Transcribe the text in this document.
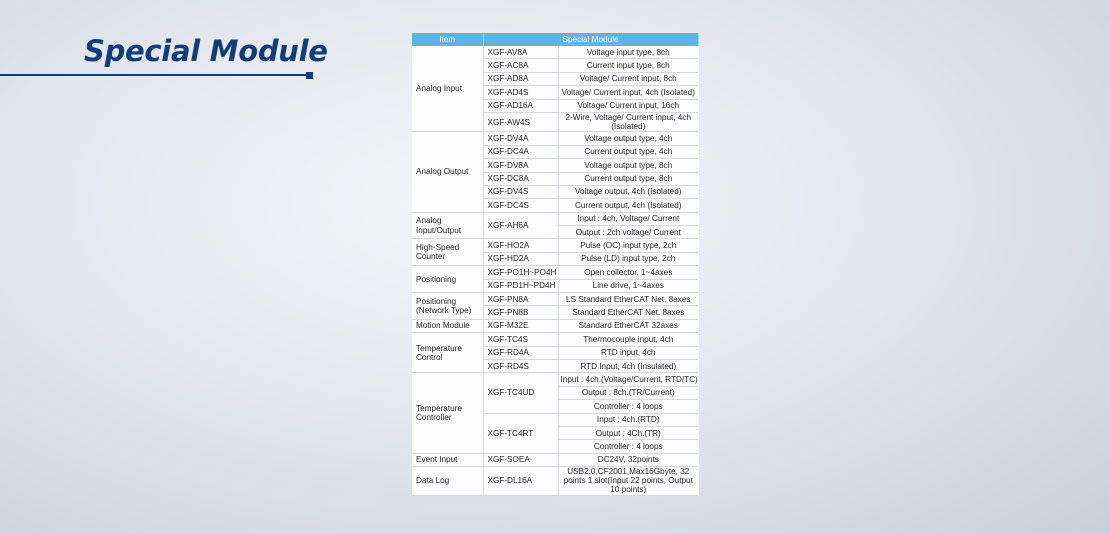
Special Module	Item	Special Module	
Analog Input	XGF-AV8A	Voltage input type, 8ch
	XGF-AC8A	Current input type, 8ch
	XGF-AD8A	Voltage/ Current input, 8ch
	XGF-AD4S	Voltage/ Current input, 4ch (Isolated)
	XGF-AD16A	Voltage/ Current input, 16ch
	XGF-AW4S	2-Wire, Voltage/ Current input, 4ch (Isolated)
Analog Output	XGF-DV4A	Voltage output type, 4ch
	XGF-DC4A	Current output type, 4ch
	XGF-DV8A	Voltage output type, 8ch
	XGF-DC8A	Current output type, 8ch
	XGF-DV4S	Voltage output, 4ch (Isolated)
	XGF-DC4S	Current output, 4ch (Isolated)
Analog Input/Output	XGF-AH6A	Input : 4ch, Voltage/ Current
		Output : 2ch voltage/ Current
High-Speed Counter	XGF-HO2A	Pulse (OC) input type, 2ch
	XGF-HD2A	Pulse (LD) input type, 2ch
Positioning	XGF-PO1H~PO4H	Open collector, 1~4axes
	XGF-PD1H~PD4H	Line drive, 1~4axes
Positioning (Network Type)	XGF-PN8A	LS Standard EtherCAT Net. 8axes
	XGF-PN8B	Standard EtherCAT Net. 8axes
Motion Module	XGF-M32E	Standard EtherCAT 32axes
Temperature Control	XGF-TC4S	Thermocouple input, 4ch
	XGF-RD4A	RTD input, 4ch
	XGF-RD4S	RTD Input, 4ch (Insulated)
Temperature Controller	XGF-TC4UD	Input : 4ch.(Voltage/Current, RTD/TC)
		Output : 8ch.(TR/Current)
		Controller : 4 loops
	XGF-TC4RT	Input : 4ch.(RTD)
		Output : 4Ch.(TR)
		Controller : 4 loops
Event Input	XGF-SOEA	DC24V, 32points
Data Log	XGF-DL16A	USB2.0,CF2001,Max16Gbyte, 32 points 1 slot(Input 22 points, Output 10 points)
